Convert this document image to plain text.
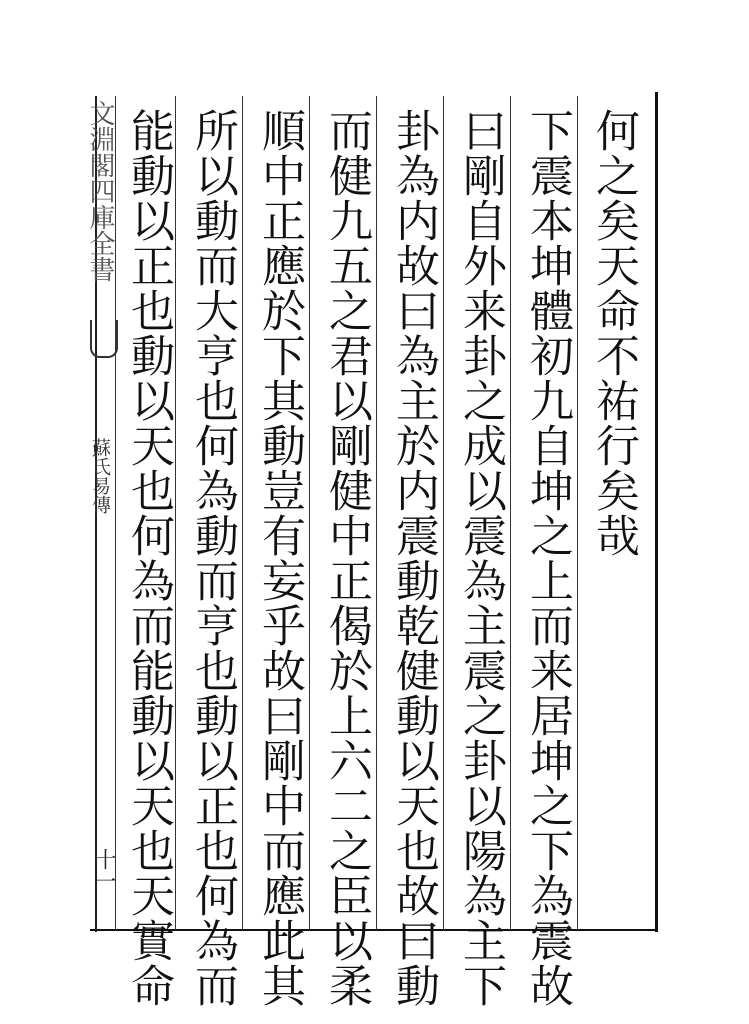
何之矣天命不祐行矣哉
下震本坤體初九自坤之上而来居坤之下為震故
曰剛自外来卦之成以震為主震之卦以陽為主下
卦為内故曰為主於内震動乾健動以天也故曰動
而健九五之君以剛健中正偈於上六二之臣以柔
順中正應於下其動豈有妄乎故曰剛中而應此其
所以動而大亨也何為動而亨也動以正也何為而
能動以正也動以天也何為而能動以天也天實命
文淵閣四庫全書
蘇氏易傳
十一
